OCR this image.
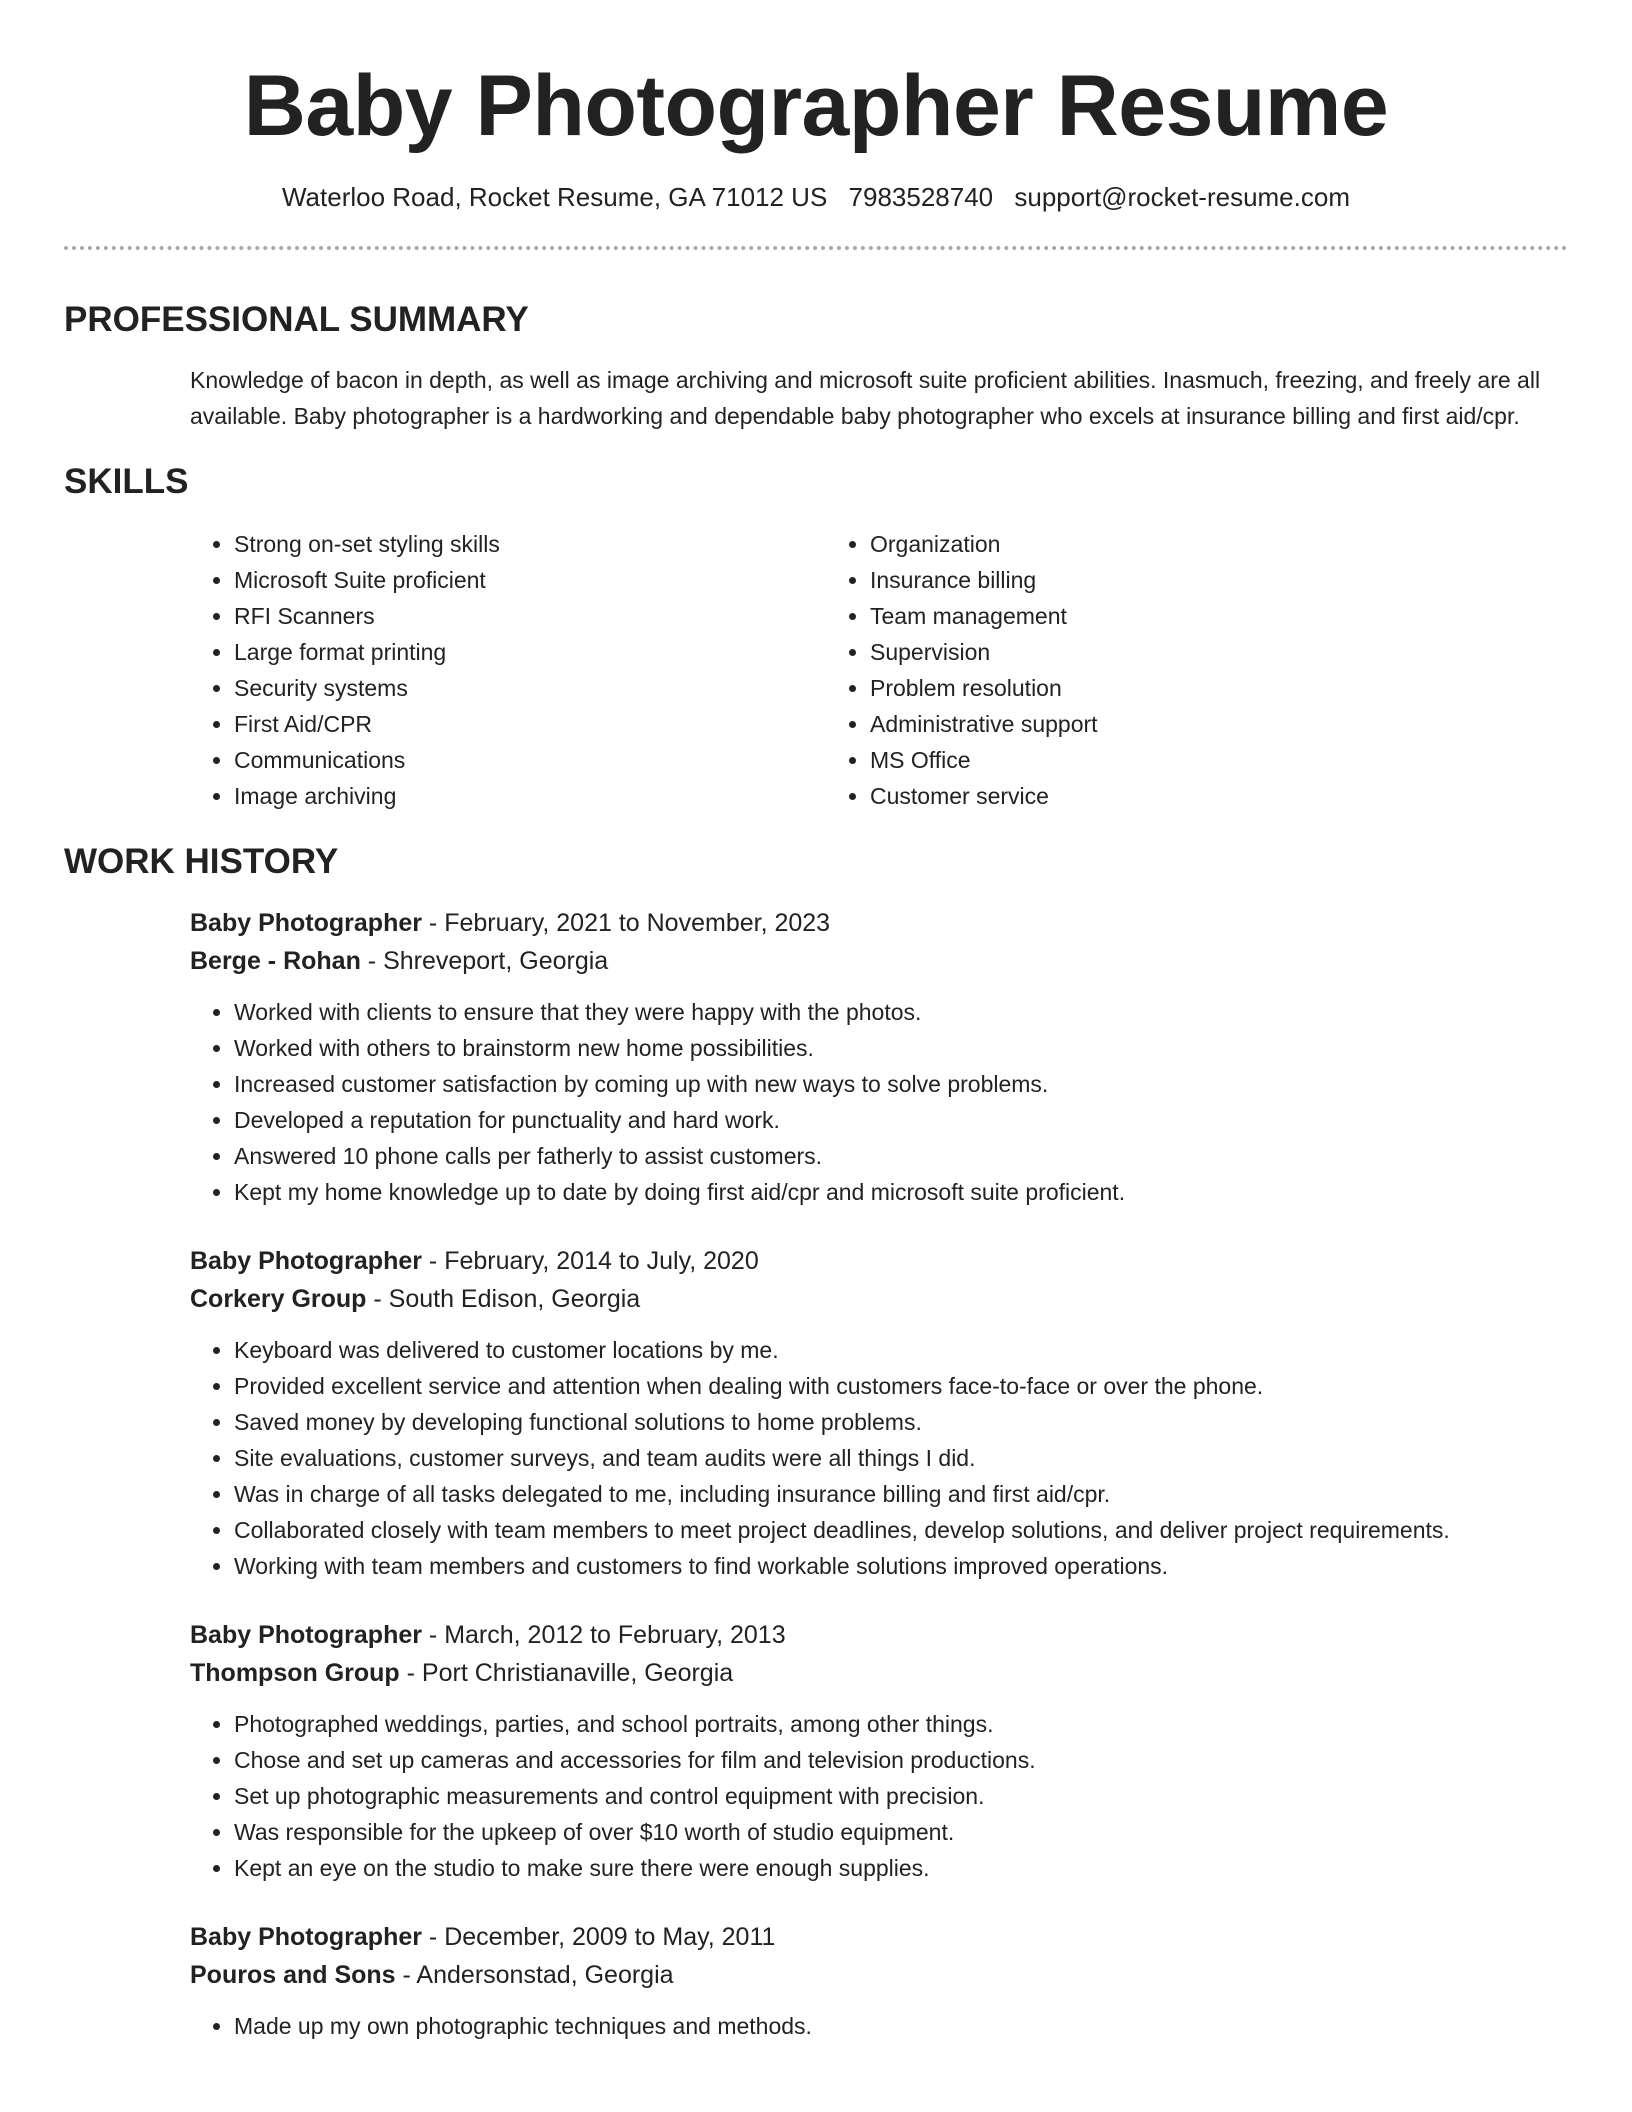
Baby Photographer Resume
Waterloo Road, Rocket Resume, GA 71012 US 7983528740 support@rocket-resume.com
PROFESSIONAL SUMMARY

Knowledge of bacon in depth, as well as image archiving and microsoft suite proficient abilities. Inasmuch, freezing, and freely are all available. Baby photographer is a hardworking and dependable baby photographer who excels at insurance billing and first aid/cpr.

SKILLS
• Strong on-set styling skills
• Microsoft Suite proficient
• RFI Scanners
• Large format printing
• Security systems
• First Aid/CPR
• Communications
• Image archiving
• Organization
• Insurance billing
• Team management
• Supervision
• Problem resolution
• Administrative support
• MS Office
• Customer service
WORK HISTORY
Baby Photographer - February, 2021 to November, 2023
Berge - Rohan - Shreveport, Georgia
• Worked with clients to ensure that they were happy with the photos.
• Worked with others to brainstorm new home possibilities.
• Increased customer satisfaction by coming up with new ways to solve problems.
• Developed a reputation for punctuality and hard work.
• Answered 10 phone calls per fatherly to assist customers.
• Kept my home knowledge up to date by doing first aid/cpr and microsoft suite proficient.
Baby Photographer - February, 2014 to July, 2020
Corkery Group - South Edison, Georgia
• Keyboard was delivered to customer locations by me.
• Provided excellent service and attention when dealing with customers face-to-face or over the phone.
• Saved money by developing functional solutions to home problems.
• Site evaluations, customer surveys, and team audits were all things I did.
• Was in charge of all tasks delegated to me, including insurance billing and first aid/cpr.
• Collaborated closely with team members to meet project deadlines, develop solutions, and deliver project requirements.
• Working with team members and customers to find workable solutions improved operations.
Baby Photographer - March, 2012 to February, 2013
Thompson Group - Port Christianaville, Georgia
• Photographed weddings, parties, and school portraits, among other things.
• Chose and set up cameras and accessories for film and television productions.
• Set up photographic measurements and control equipment with precision.
• Was responsible for the upkeep of over $10 worth of studio equipment.
• Kept an eye on the studio to make sure there were enough supplies.
Baby Photographer - December, 2009 to May, 2011
Pouros and Sons - Andersonstad, Georgia
• Made up my own photographic techniques and methods.
